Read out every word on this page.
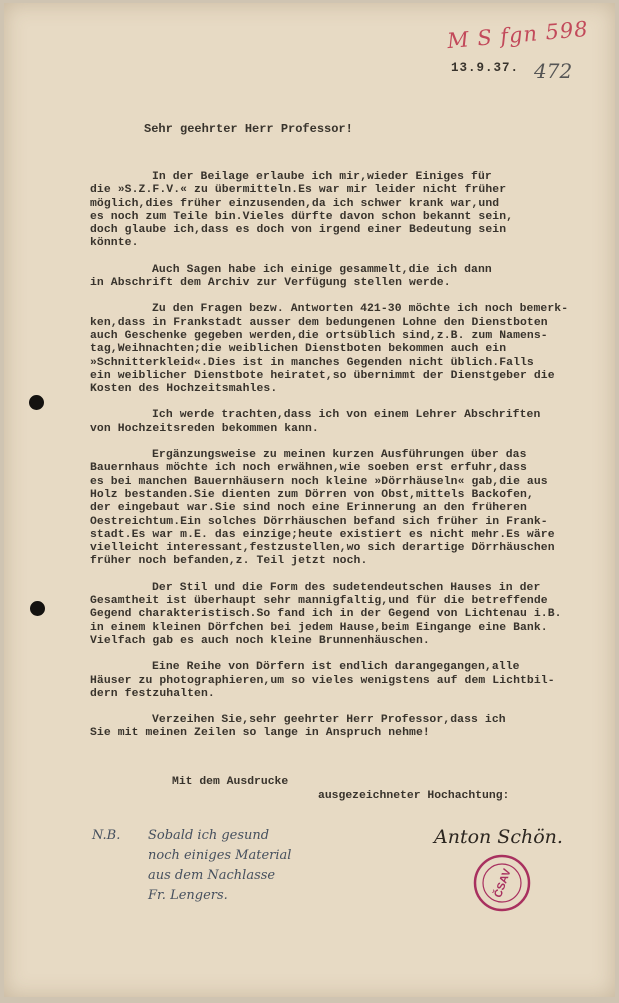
M S fgn 598
472
13.9.37.
Sehr geehrter Herr Professor!

In der Beilage erlaube ich mir,wieder Einiges für
die »S.Z.F.V.« zu übermitteln.Es war mir leider nicht früher
möglich,dies früher einzusenden,da ich schwer krank war,und
es noch zum Teile bin.Vieles dürfte davon schon bekannt sein,
doch glaube ich,dass es doch von irgend einer Bedeutung sein
könnte.

Auch Sagen habe ich einige gesammelt,die ich dann
in Abschrift dem Archiv zur Verfügung stellen werde.

Zu den Fragen bezw. Antworten 421-30 möchte ich noch bemerk-
ken,dass in Frankstadt ausser dem bedungenen Lohne den Dienstboten
auch Geschenke gegeben werden,die ortsüblich sind,z.B. zum Namens-
tag,Weihnachten;die weiblichen Dienstboten bekommen auch ein
»Schnitterkleid«.Dies ist in manches Gegenden nicht üblich.Falls
ein weiblicher Dienstbote heiratet,so übernimmt der Dienstgeber die
Kosten des Hochzeitsmahles.

Ich werde trachten,dass ich von einem Lehrer Abschriften
von Hochzeitsreden bekommen kann.

Ergänzungsweise zu meinen kurzen Ausführungen über das
Bauernhaus möchte ich noch erwähnen,wie soeben erst erfuhr,dass
es bei manchen Bauernhäusern noch kleine »Dörrhäuseln« gab,die aus
Holz bestanden.Sie dienten zum Dörren von Obst,mittels Backofen,
der eingebaut war.Sie sind noch eine Erinnerung an den früheren
Oestreichtum.Ein solches Dörrhäuschen befand sich früher in Frank-
stadt.Es war m.E. das einzige;heute existiert es nicht mehr.Es wäre
vielleicht interessant,festzustellen,wo sich derartige Dörrhäuschen
früher noch befanden,z. Teil jetzt noch.

Der Stil und die Form des sudetendeutschen Hauses in der
Gesamtheit ist überhaupt sehr mannigfaltig,und für die betreffende
Gegend charakteristisch.So fand ich in der Gegend von Lichtenau i.B.
in einem kleinen Dörfchen bei jedem Hause,beim Eingange eine Bank.
Vielfach gab es auch noch kleine Brunnenhäuschen.

Eine Reihe von Dörfern ist endlich darangegangen,alle
Häuser zu photographieren,um so vieles wenigstens auf dem Lichtbil-
dern festzuhalten.

Verzeihen Sie,sehr geehrter Herr Professor,dass ich
Sie mit meinen Zeilen so lange in Anspruch nehme!

Mit dem Ausdrucke
ausgezeichneter Hochachtung:
Anton Schön.
N.B. Sobald ich gesund
noch einiges Material
aus dem Nachlasse
Fr. Lengers.	ČSAV
